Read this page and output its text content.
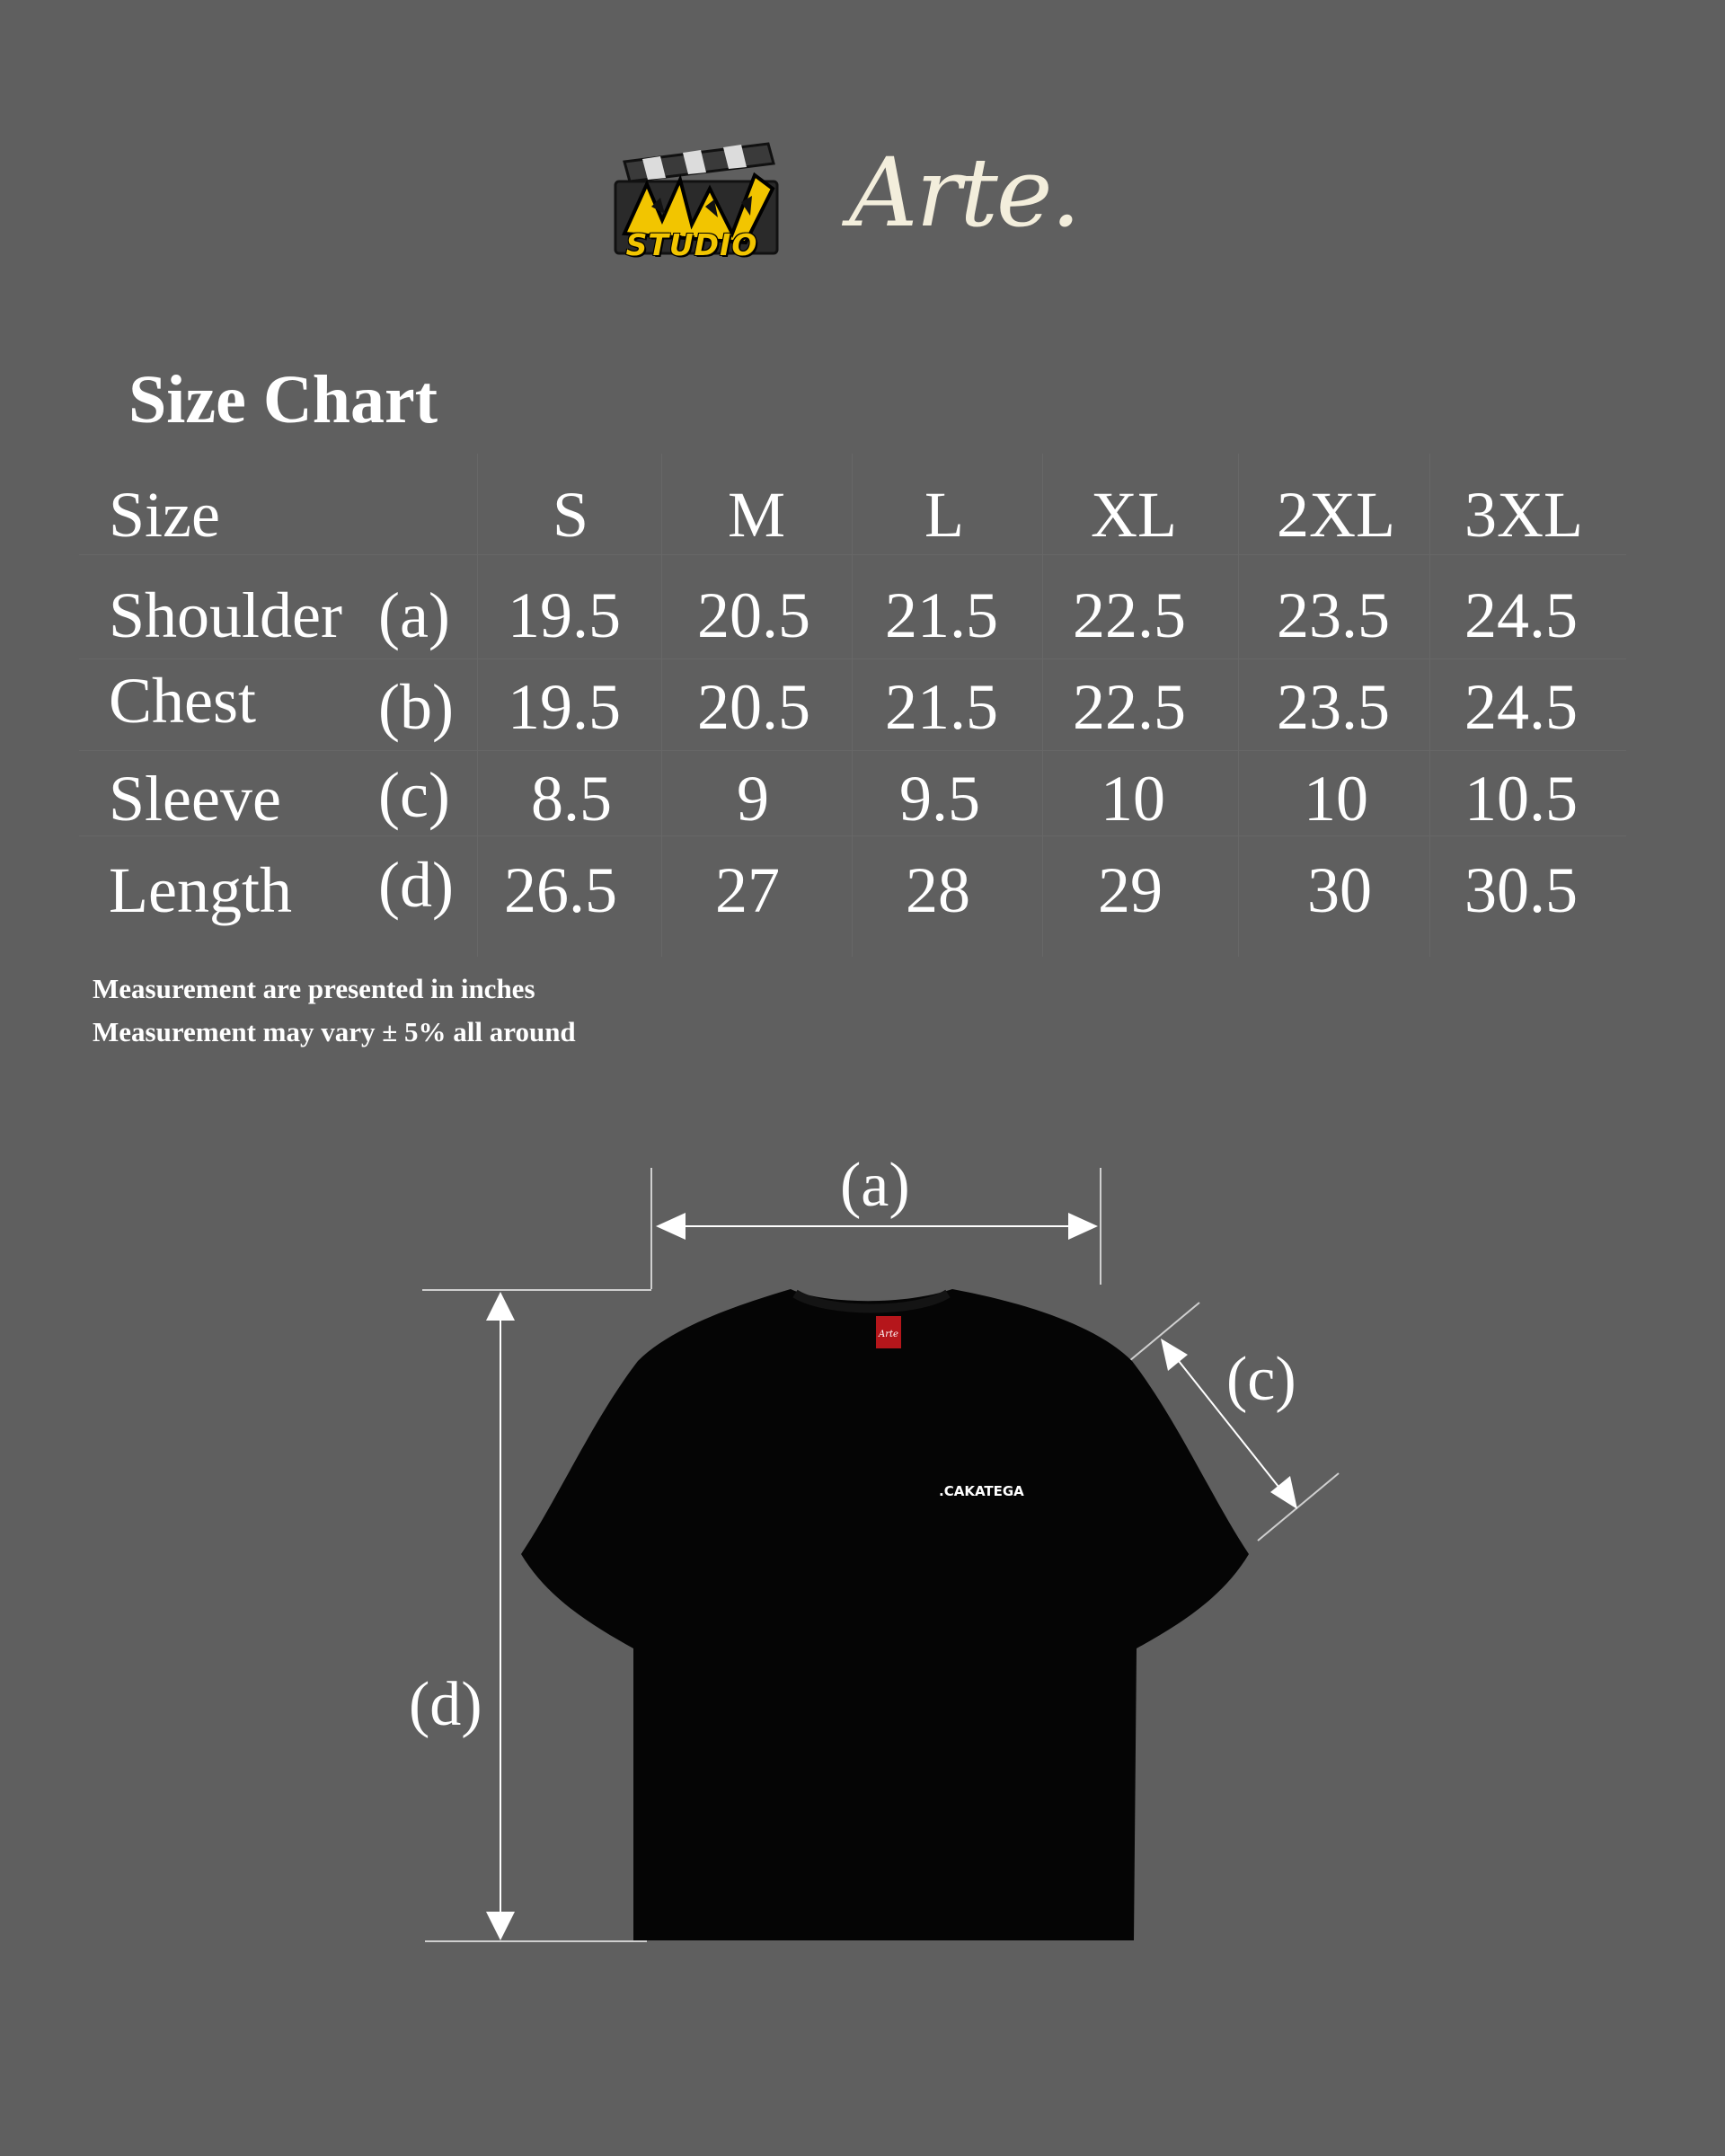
STUDIO Arte.
Size Chart
Size	S M L XL 2XL 3XL
Shoulder (a) 19.5 20.5 21.5 22.5 23.5 24.5
Chest (b) 19.5 20.5 21.5 22.5 23.5 24.5
Sleeve (c) 8.5 9 9.5 10 10 10.5
Length (d) 26.5 27 28 29 30 30.5
Measurement are presented in inches
Measurement may vary ± 5% all around
Arte
.CAKATEGA
(a)
(c)
(d)
